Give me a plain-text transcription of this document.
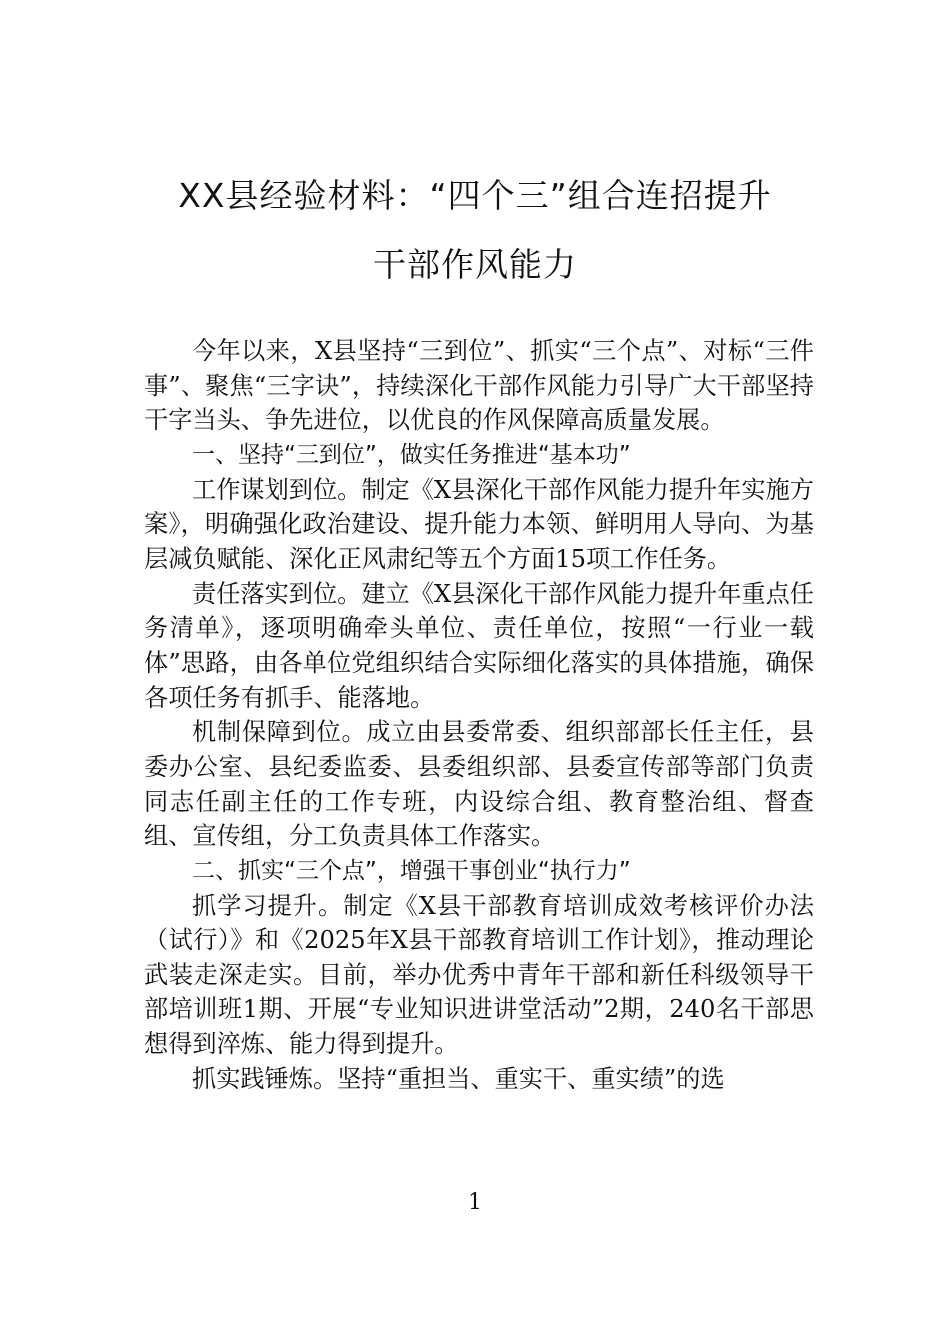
XX县经验材料：“四个三”组合连招提升
干部作风能力

今年以来，X县坚持“三到位”、抓实“三个点”、对标“三件事”、聚焦“三字诀”，持续深化干部作风能力引导广大干部坚持干字当头、争先进位，以优良的作风保障高质量发展。

一、坚持“三到位”，做实任务推进“基本功”

工作谋划到位。制定《X县深化干部作风能力提升年实施方案》，明确强化政治建设、提升能力本领、鲜明用人导向、为基层减负赋能、深化正风肃纪等五个方面15项工作任务。

责任落实到位。建立《X县深化干部作风能力提升年重点任务清单》，逐项明确牵头单位、责任单位，按照“一行业一载体”思路，由各单位党组织结合实际细化落实的具体措施，确保各项任务有抓手、能落地。

机制保障到位。成立由县委常委、组织部部长任主任，县委办公室、县纪委监委、县委组织部、县委宣传部等部门负责同志任副主任的工作专班，内设综合组、教育整治组、督查组、宣传组，分工负责具体工作落实。

二、抓实“三个点”，增强干事创业“执行力”

抓学习提升。制定《X县干部教育培训成效考核评价办法（试行）》和《2025年X县干部教育培训工作计划》，推动理论武装走深走实。目前，举办优秀中青年干部和新任科级领导干部培训班1期、开展“专业知识进讲堂活动”2期，240名干部思想得到淬炼、能力得到提升。

抓实践锤炼。坚持“重担当、重实干、重实绩”的选

1
